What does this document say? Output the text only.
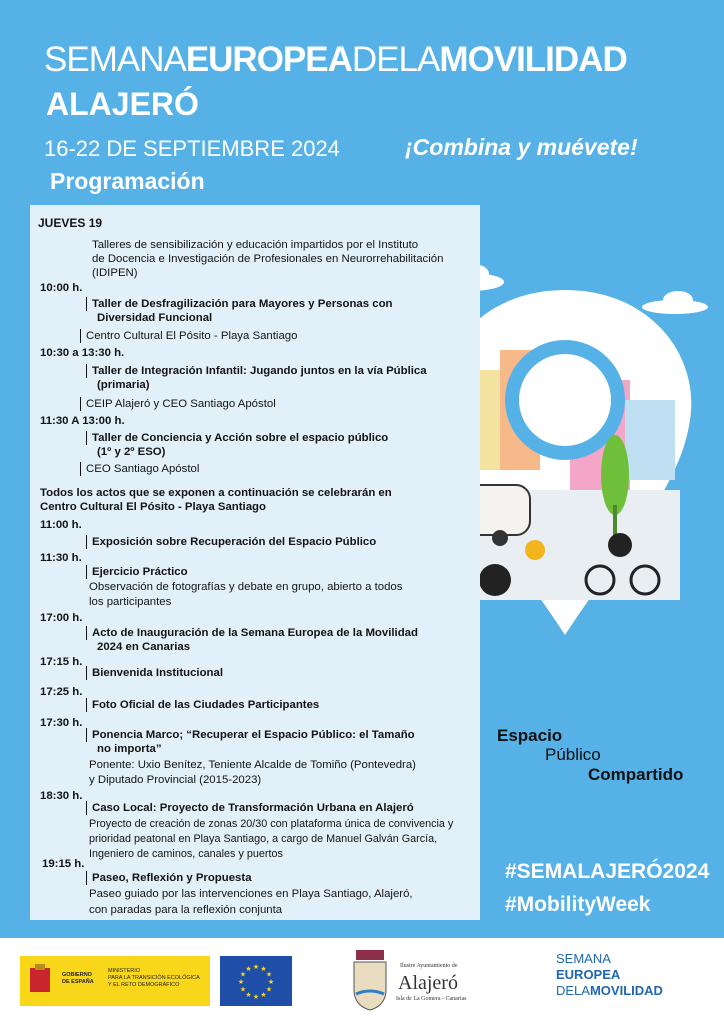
SEMANAEUROPEADELAMOVILIDAD
ALAJERÓ
16-22 DE SEPTIEMBRE 2024	¡Combina y muévete!
Programación
JUEVES 19
Talleres de sensibilización y educación impartidos por el Instituto
de Docencia e Investigación de Profesionales en Neurorrehabilitación
(IDIPEN)
10:00 h.
Taller de Desfragilización para Mayores y Personas con
Diversidad Funcional
Centro Cultural El Pósito - Playa Santiago
10:30 a 13:30 h.
Taller de Integración Infantil: Jugando juntos en la vía Pública
(primaria)
CEIP Alajeró y CEO Santiago Apóstol
11:30 A 13:00 h.
Taller de Conciencia y Acción sobre el espacio público
(1º y 2º ESO)
CEO Santiago Apóstol
Todos los actos que se exponen a continuación se celebrarán en
Centro Cultural El Pósito - Playa Santiago
11:00 h.
Exposición sobre Recuperación del Espacio Público
11:30 h.
Ejercicio Práctico
Observación de fotografías y debate en grupo, abierto a todos
los participantes
17:00 h.
Acto de Inauguración de la Semana Europea de la Movilidad
2024 en Canarias
17:15 h.
Bienvenida Institucional
17:25 h.
Foto Oficial de las Ciudades Participantes
17:30 h.
Ponencia Marco; “Recuperar el Espacio Público: el Tamaño
no importa”
Ponente: Uxio Benítez, Teniente Alcalde de Tomiño (Pontevedra)
y Diputado Provincial (2015-2023)
18:30 h.
Caso Local: Proyecto de Transformación Urbana en Alajeró
Proyecto de creación de zonas 20/30 con plataforma única de convivencia y
prioridad peatonal en Playa Santiago, a cargo de Manuel Galván García,
Ingeniero de caminos, canales y puertos
19:15 h.
Paseo, Reflexión y Propuesta
Paseo guiado por las intervenciones en Playa Santiago, Alajeró,
con paradas para la reflexión conjunta
Espacio
Público
Compartido
#SEMALAJERÓ2024
#MobilityWeek
GOBIERNO
DE ESPAÑA
MINISTERIO
PARA LA TRANSICIÓN ECOLÓGICA
Y EL RETO DEMOGRÁFICO	★
★
★
★
★
★
★
★
★ ★ ★
★
Ilustre Ayuntamiento de
Alajeró
Isla de La Gomera - Canarias
SEMANA
EUROPEA
DELAMOVILIDAD
